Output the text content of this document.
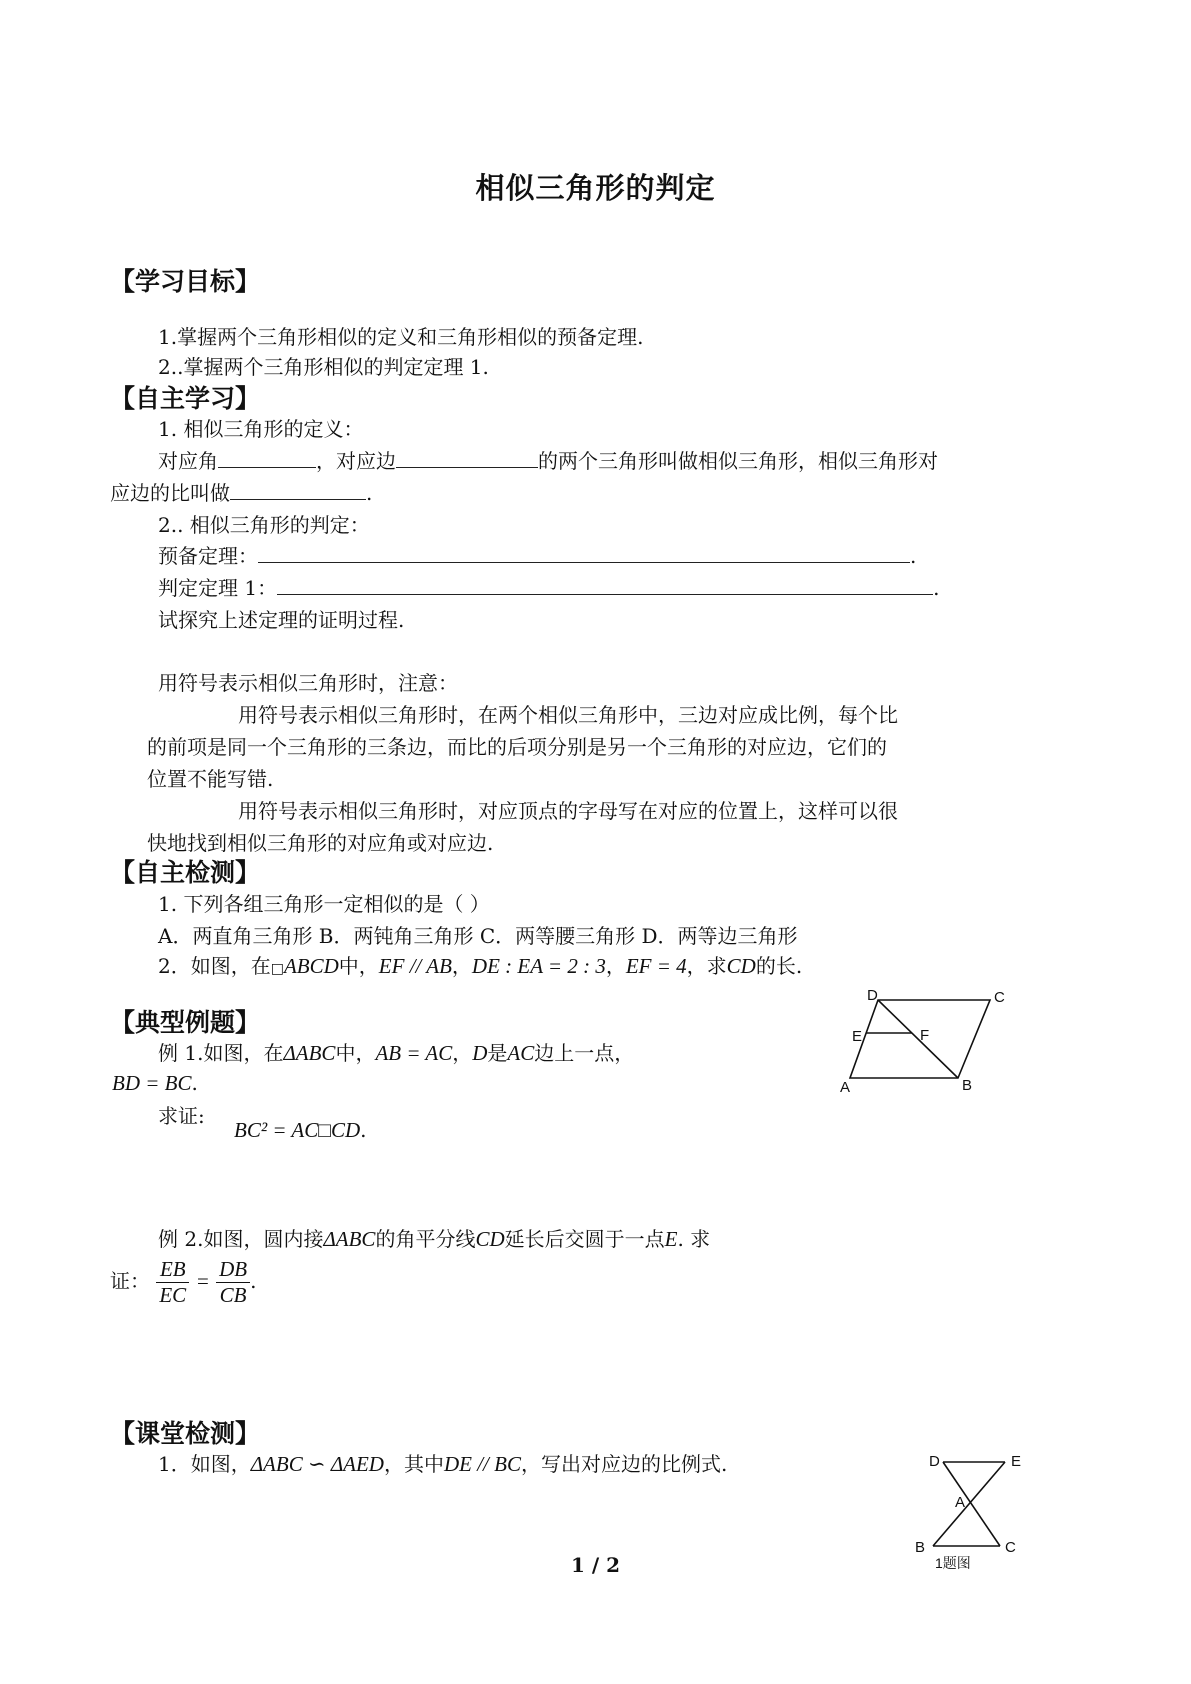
相似三角形的判定
【学习目标】
1.掌握两个三角形相似的定义和三角形相似的预备定理.
2..掌握两个三角形相似的判定定理 1.
【自主学习】
1. 相似三角形的定义：
对应角	，对应边	的两个三角形叫做相似三角形，相似三角形对
应边的比叫做	.
2.. 相似三角形的判定：
预备定理：	.
判定定理 1：	.
试探究上述定理的证明过程.
用符号表示相似三角形时，注意：
用符号表示相似三角形时，在两个相似三角形中，三边对应成比例，每个比
的前项是同一个三角形的三条边，而比的后项分别是另一个三角形的对应边，它们的
位置不能写错.
用符号表示相似三角形时，对应顶点的字母写在对应的位置上，这样可以很
快地找到相似三角形的对应角或对应边.
【自主检测】
1. 下列各组三角形一定相似的是（ ）
A．两直角三角形 B．两钝角三角形 C．两等腰三角形 D．两等边三角形
2．如图，在□ABCD中，EF // AB，DE : EA = 2 : 3，EF = 4，求CD的长.
D	C
E	F
A	B
【典型例题】
例 1.如图，在ΔABC中，AB = AC，D是AC边上一点，
BD = BC.
求证:
BC² = AC□CD.
例 2.如图，圆内接ΔABC的角平分线CD延长后交圆于一点E. 求
证： $\frac{EB}{EC} = \frac{DB}{CB}$ .
【课堂检测】
1．如图，ΔABC ∽ ΔAED，其中DE // BC，写出对应边的比例式.	D	E
A
B	C
1题图
1 / 2
